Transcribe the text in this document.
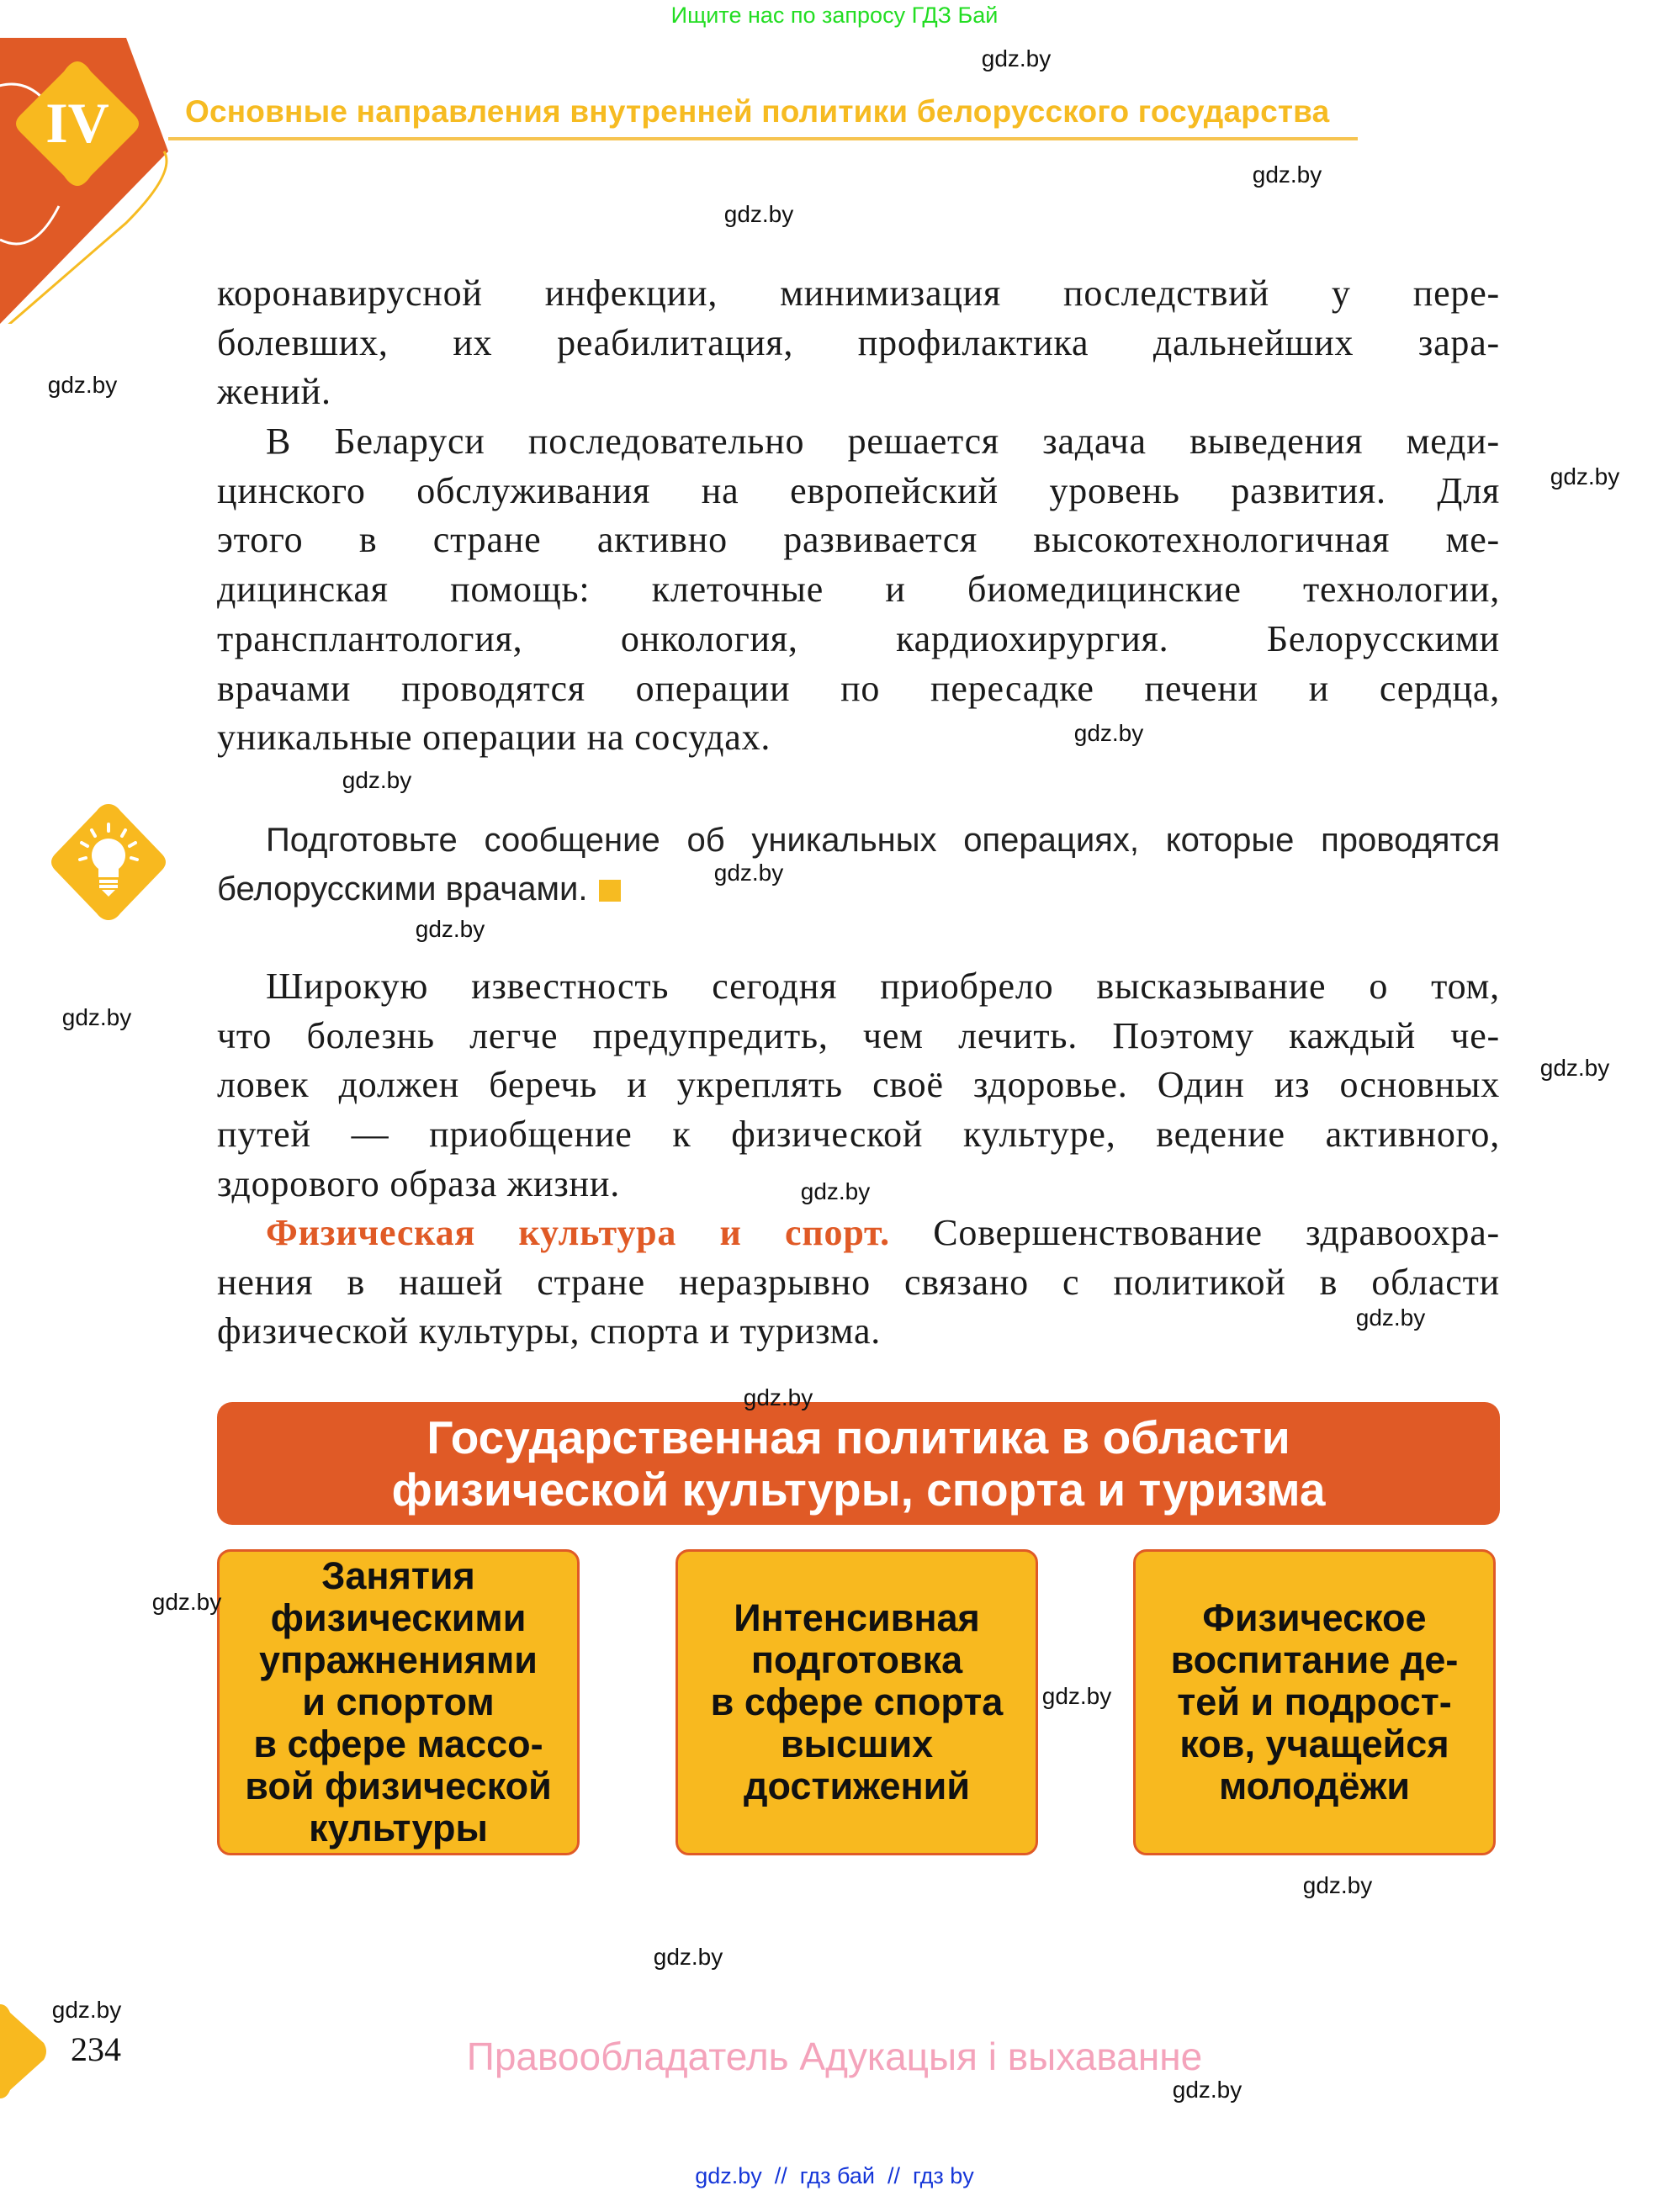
Ищите нас по запросу ГДЗ Бай
IV Основные направления внутренней политики белорусского государства
коронавирусной инфекции, минимизация последствий у пере-
болевших, их реабилитация, профилактика дальнейших зара-
жений.
В Беларуси последовательно решается задача выведения меди-
цинского обслуживания на европейский уровень развития. Для
этого в стране активно развивается высокотехнологичная ме-
дицинская помощь: клеточные и биомедицинские технологии,
трансплантология, онкология, кардиохирургия. Белорусскими
врачами проводятся операции по пересадке печени и сердца,
уникальные операции на сосудах.
Подготовьте сообщение об уникальных операциях, которые проводятся
белорусскими врачами.
Широкую известность сегодня приобрело высказывание о том,
что болезнь легче предупредить, чем лечить. Поэтому каждый че-
ловек должен беречь и укреплять своё здоровье. Один из основных
путей — приобщение к физической культуре, ведение активного,
здорового образа жизни.
Физическая культура и спорт. Совершенствование здравоохра-
нения в нашей стране неразрывно связано с политикой в области
физической культуры, спорта и туризма.
Государственная политика в области
физической культуры, спорта и туризма
Занятия
физическими
упражнениями
и спортом
в сфере массо-
вой физической
культуры
Интенсивная
подготовка
в сфере спорта
высших
достижений
Физическое
воспитание де-
тей и подрост-
ков, учащейся
молодёжи
gdz.by
gdz.by
gdz.by
gdz.by
gdz.by
gdz.by
gdz.by
gdz.by
gdz.by
gdz.by
gdz.by
gdz.by
gdz.by
gdz.by
gdz.by
gdz.by
gdz.by
gdz.by
gdz.by
gdz.by
234	Правообладатель Адукацыя і выхаванне
gdz.by  //  гдз бай  //  гдз by
